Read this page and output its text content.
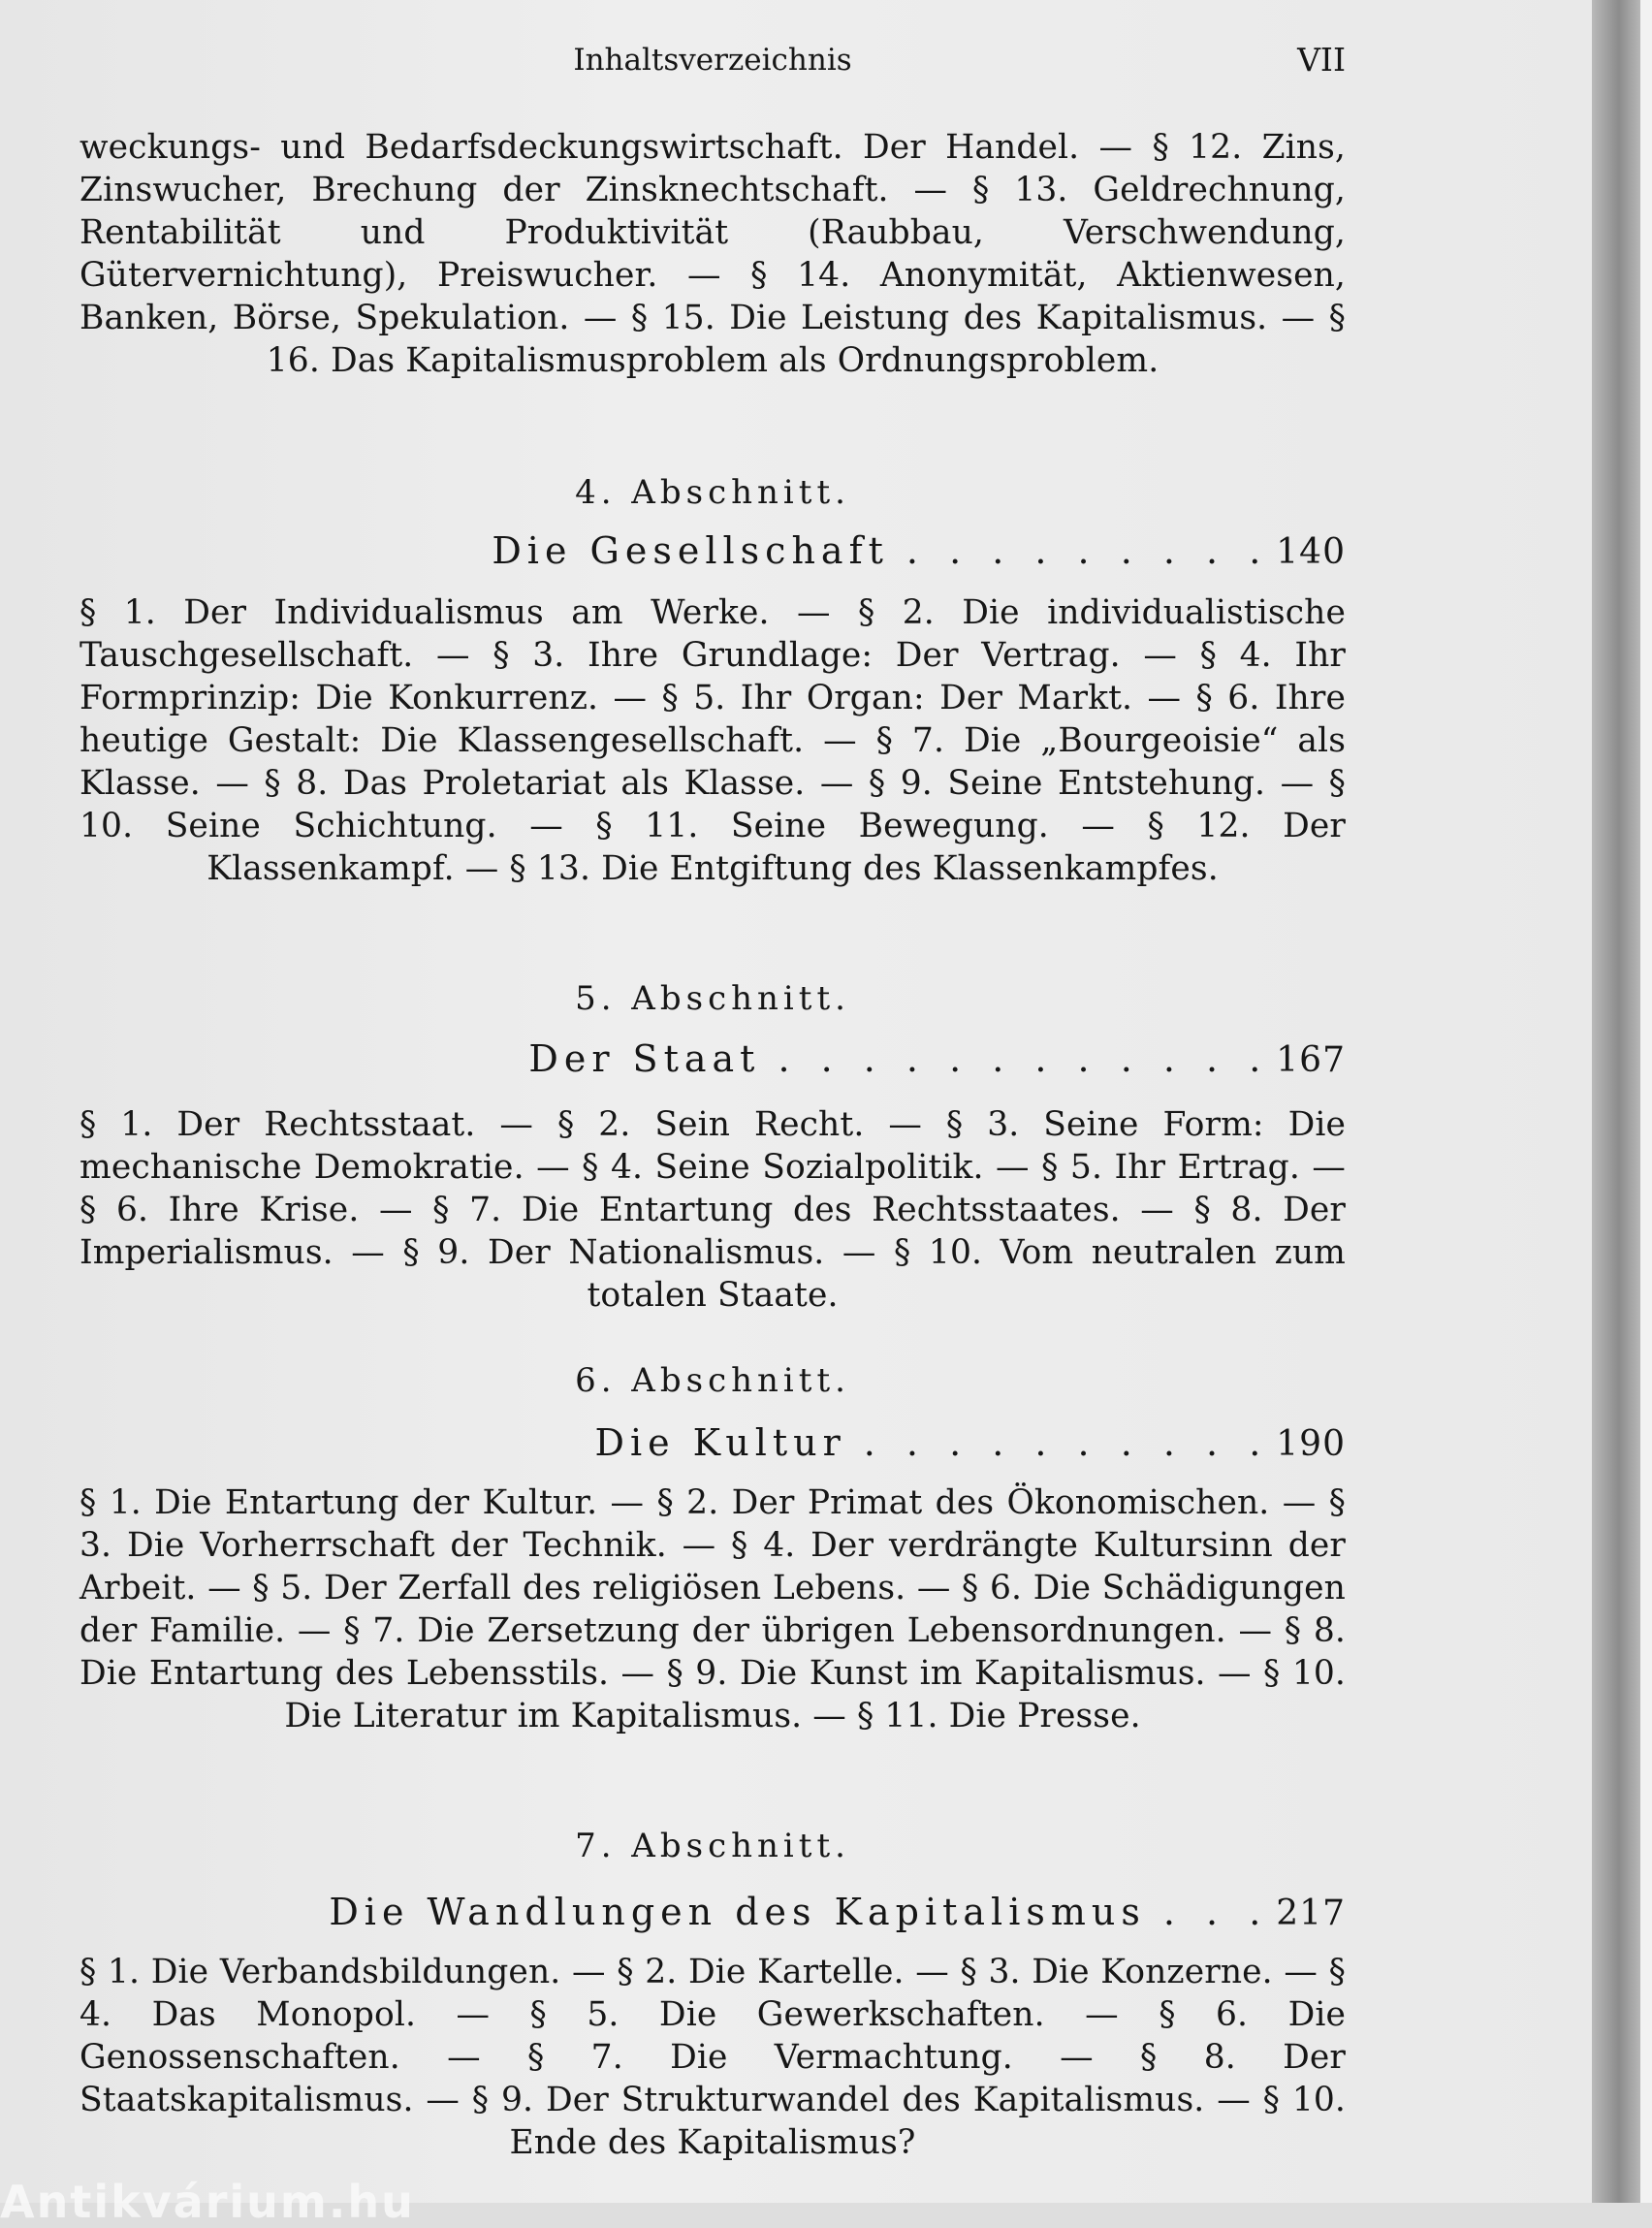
Inhaltsverzeichnis	VII
weckungs- und Bedarfsdeckungswirtschaft. Der Handel. — § 12. Zins, Zinswucher, Brechung der Zinsknechtschaft. — § 13. Geldrechnung, Rentabilität und Produktivität (Raubbau, Verschwendung, Gütervernichtung), Preiswucher. — § 14. Anonymität, Aktienwesen, Banken, Börse, Spekulation. — § 15. Die Leistung des Kapitalismus. — § 16. Das Kapitalismusproblem als Ordnungsproblem.
4. Abschnitt.
Die Gesellschaft . . . . . . . . . 140
§ 1. Der Individualismus am Werke. — § 2. Die individualistische Tauschgesellschaft. — § 3. Ihre Grundlage: Der Vertrag. — § 4. Ihr Formprinzip: Die Konkurrenz. — § 5. Ihr Organ: Der Markt. — § 6. Ihre heutige Gestalt: Die Klassengesellschaft. — § 7. Die „Bourgeoisie“ als Klasse. — § 8. Das Proletariat als Klasse. — § 9. Seine Entstehung. — § 10. Seine Schichtung. — § 11. Seine Bewegung. — § 12. Der Klassenkampf. — § 13. Die Entgiftung des Klassenkampfes.
5. Abschnitt.
Der Staat . . . . . . . . . . . . 167
§ 1. Der Rechtsstaat. — § 2. Sein Recht. — § 3. Seine Form: Die mechanische Demokratie. — § 4. Seine Sozialpolitik. — § 5. Ihr Ertrag. — § 6. Ihre Krise. — § 7. Die Entartung des Rechtsstaates. — § 8. Der Imperialismus. — § 9. Der Nationalismus. — § 10. Vom neutralen zum totalen Staate.
6. Abschnitt.
Die Kultur . . . . . . . . . . 190
§ 1. Die Entartung der Kultur. — § 2. Der Primat des Ökonomischen. — § 3. Die Vorherrschaft der Technik. — § 4. Der verdrängte Kultursinn der Arbeit. — § 5. Der Zerfall des religiösen Lebens. — § 6. Die Schädigungen der Familie. — § 7. Die Zersetzung der übrigen Lebensordnungen. — § 8. Die Entartung des Lebensstils. — § 9. Die Kunst im Kapitalismus. — § 10. Die Literatur im Kapitalismus. — § 11. Die Presse.
7. Abschnitt.
Die Wandlungen des Kapitalismus . . . 217
§ 1. Die Verbandsbildungen. — § 2. Die Kartelle. — § 3. Die Konzerne. — § 4. Das Monopol. — § 5. Die Gewerkschaften. — § 6. Die Genossenschaften. — § 7. Die Vermachtung. — § 8. Der Staatskapitalismus. — § 9. Der Strukturwandel des Kapitalismus. — § 10. Ende des Kapitalismus?
Antikvárium.hu
